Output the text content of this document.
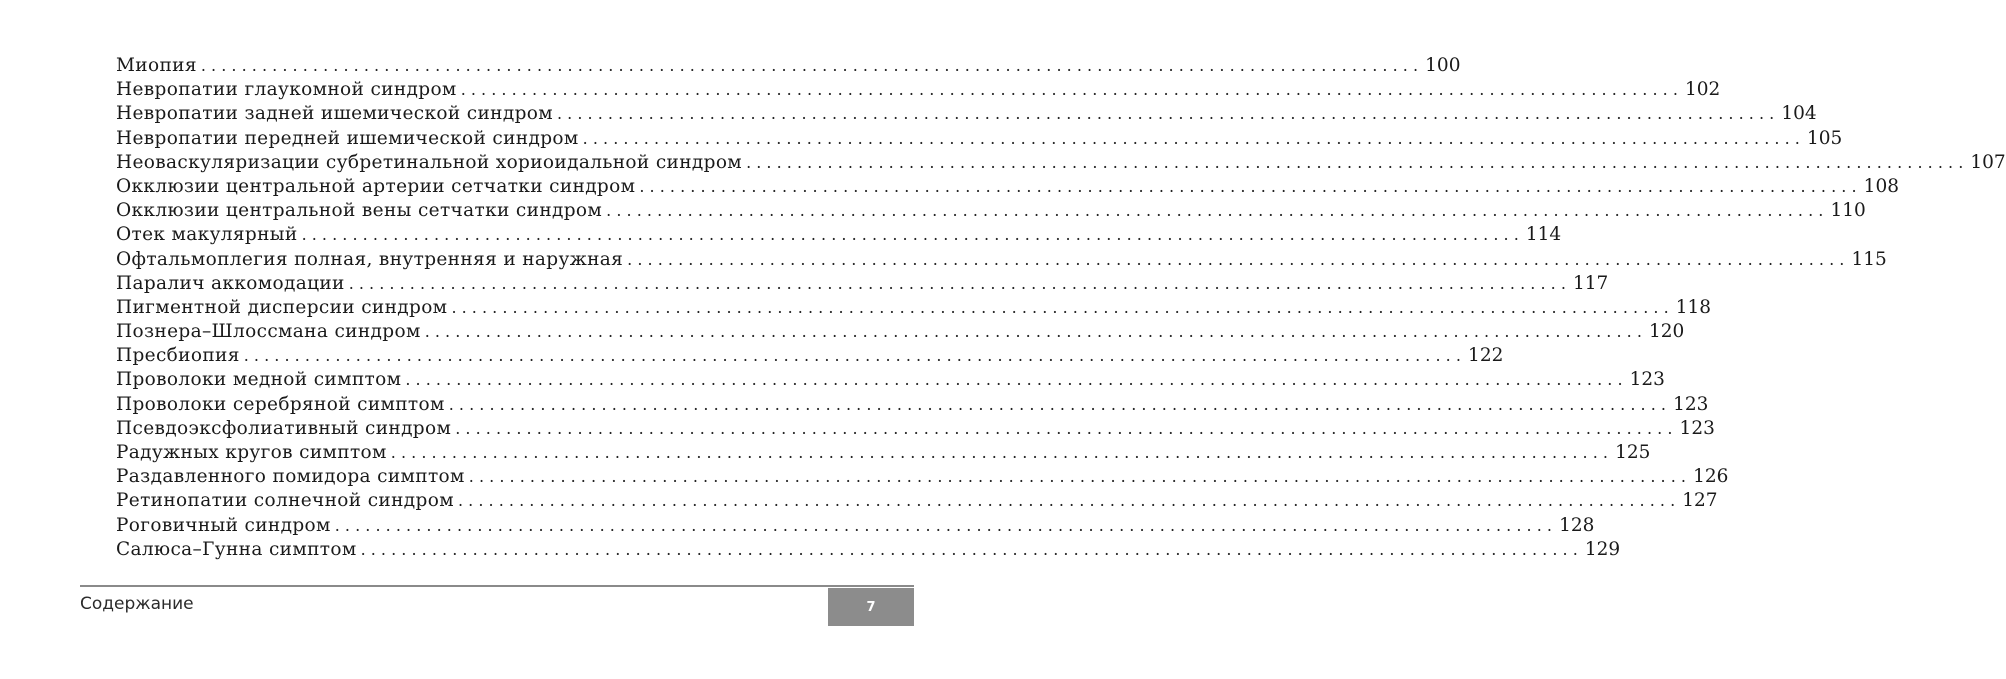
Миопия ........................................................................................................................ 100
Невропатии глаукомной синдром ........................................................................................................................ 102
Невропатии задней ишемической синдром ........................................................................................................................ 104
Невропатии передней ишемической синдром ........................................................................................................................ 105
Неоваскуляризации субретинальной хориоидальной синдром ........................................................................................................................ 107
Окклюзии центральной артерии сетчатки синдром ........................................................................................................................ 108
Окклюзии центральной вены сетчатки синдром ........................................................................................................................ 110
Отек макулярный ........................................................................................................................ 114
Офтальмоплегия полная, внутренняя и наружная ........................................................................................................................ 115
Паралич аккомодации ........................................................................................................................ 117
Пигментной дисперсии синдром ........................................................................................................................ 118
Познера–Шлоссмана синдром ........................................................................................................................ 120
Пресбиопия ........................................................................................................................ 122
Проволоки медной симптом ........................................................................................................................ 123
Проволоки серебряной симптом ........................................................................................................................ 123
Псевдоэксфолиативный синдром ........................................................................................................................ 123
Радужных кругов симптом ........................................................................................................................ 125
Раздавленного помидора симптом ........................................................................................................................ 126
Ретинопатии солнечной синдром ........................................................................................................................ 127
Роговичный синдром ........................................................................................................................ 128
Салюса–Гунна симптом ........................................................................................................................ 129
Содержание	7
